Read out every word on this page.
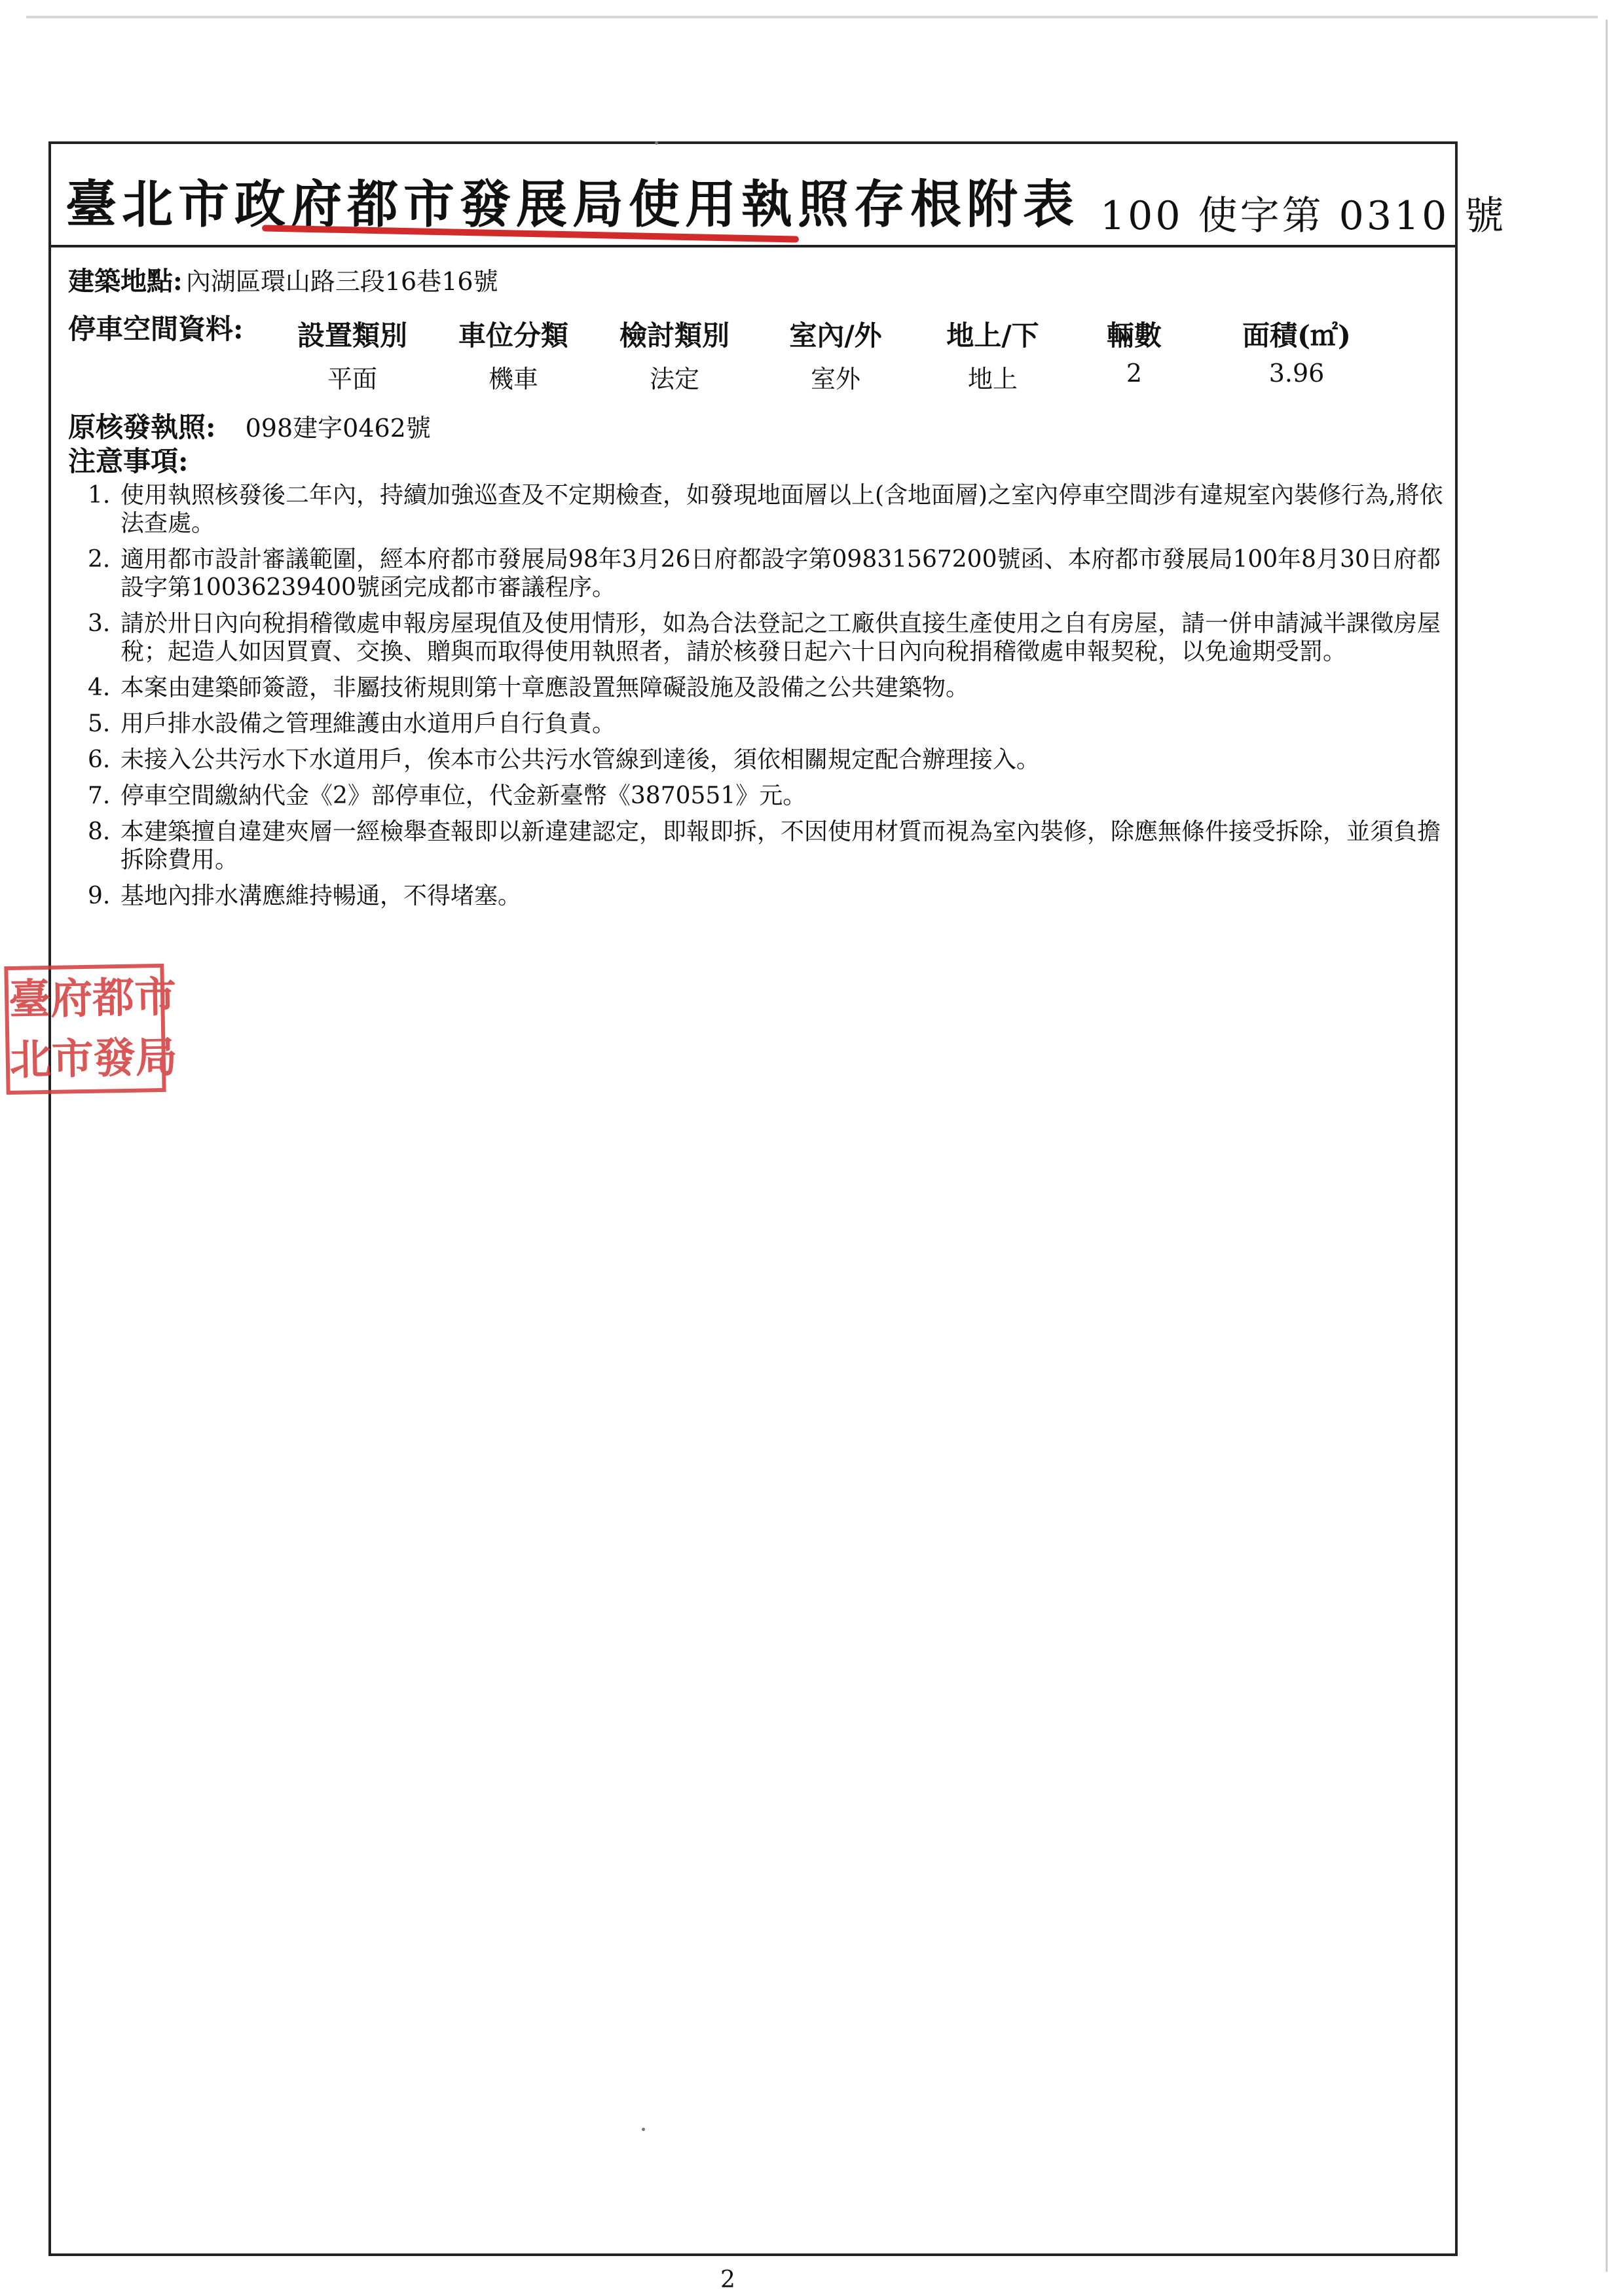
臺北市政府都市發展局使用執照存根附表 100 使字第 0310 號
建築地點: 內湖區環山路三段16巷16號
停車空間資料:	設置類別	車位分類	檢討類別	室內/外	地上/下	輛數	面積(㎡)
平面	機車	法定	室外	地上	2	3.96
原核發執照: 098建字0462號
注意事項:
1. 使用執照核發後二年內，持續加強巡查及不定期檢查，如發現地面層以上(含地面層)之室內停車空間涉有違規室內裝修行為,將依法查處。
2. 適用都市設計審議範圍，經本府都市發展局98年3月26日府都設字第09831567200號函、本府都市發展局100年8月30日府都設字第10036239400號函完成都市審議程序。
3. 請於卅日內向稅捐稽徵處申報房屋現值及使用情形，如為合法登記之工廠供直接生產使用之自有房屋，請一併申請減半課徵房屋稅；起造人如因買賣、交換、贈與而取得使用執照者，請於核發日起六十日內向稅捐稽徵處申報契稅，以免逾期受罰。
4. 本案由建築師簽證，非屬技術規則第十章應設置無障礙設施及設備之公共建築物。
5. 用戶排水設備之管理維護由水道用戶自行負責。
6. 未接入公共污水下水道用戶，俟本市公共污水管線到達後，須依相關規定配合辦理接入。
7. 停車空間繳納代金《2》部停車位，代金新臺幣《3870551》元。
8. 本建築擅自違建夾層一經檢舉查報即以新違建認定，即報即拆，不因使用材質而視為室內裝修，除應無條件接受拆除，並須負擔拆除費用。
9. 基地內排水溝應維持暢通，不得堵塞。
臺
府
都
市
北
市
發
局
2
